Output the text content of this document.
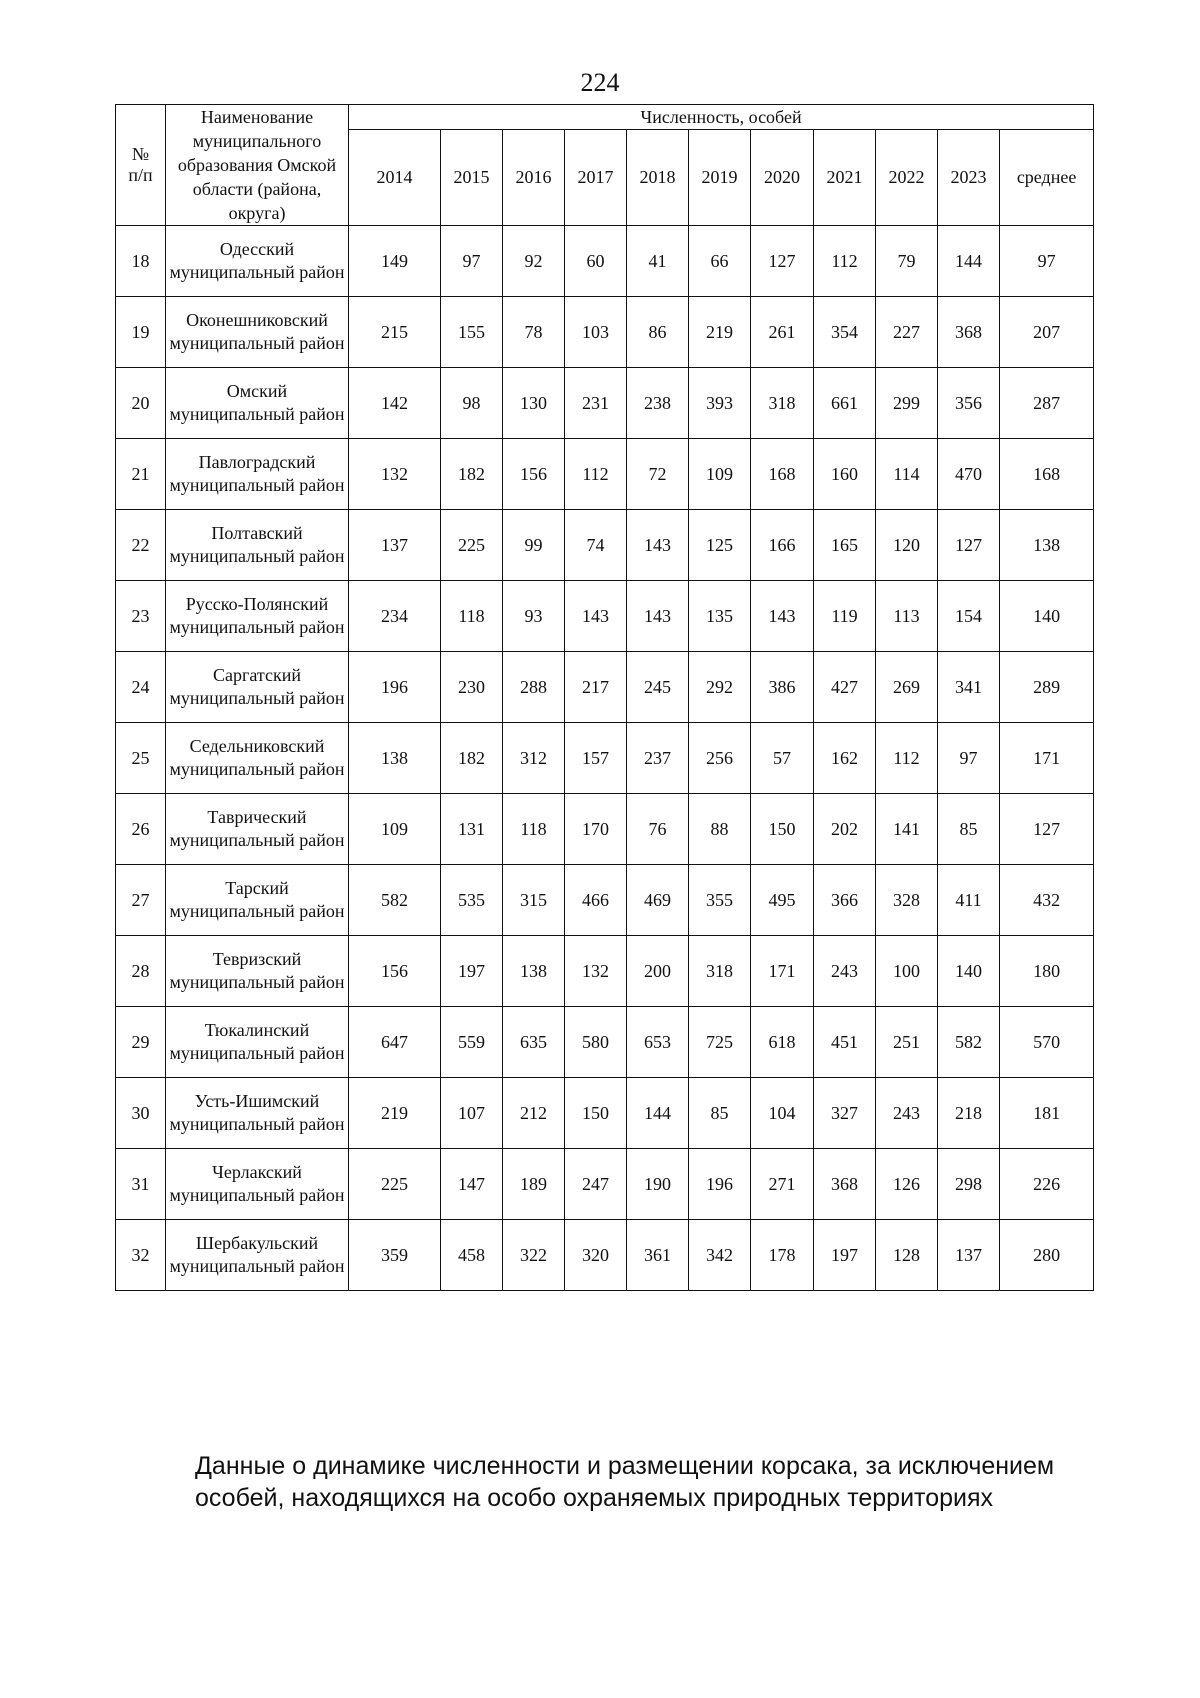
224
№ п/п	Наименование муниципального образования Омской области (района, округа)	Численность, особей										
		2014	2015	2016	2017	2018	2019	2020	2021	2022	2023	среднее
18	Одесский муниципальный район	149	97	92	60	41	66	127	112	79	144	97
19	Оконешниковский муниципальный район	215	155	78	103	86	219	261	354	227	368	207
20	Омский муниципальный район	142	98	130	231	238	393	318	661	299	356	287
21	Павлоградский муниципальный район	132	182	156	112	72	109	168	160	114	470	168
22	Полтавский муниципальный район	137	225	99	74	143	125	166	165	120	127	138
23	Русско-Полянский муниципальный район	234	118	93	143	143	135	143	119	113	154	140
24	Саргатский муниципальный район	196	230	288	217	245	292	386	427	269	341	289
25	Седельниковский муниципальный район	138	182	312	157	237	256	57	162	112	97	171
26	Таврический муниципальный район	109	131	118	170	76	88	150	202	141	85	127
27	Тарский муниципальный район	582	535	315	466	469	355	495	366	328	411	432
28	Тевризский муниципальный район	156	197	138	132	200	318	171	243	100	140	180
29	Тюкалинский муниципальный район	647	559	635	580	653	725	618	451	251	582	570
30	Усть-Ишимский муниципальный район	219	107	212	150	144	85	104	327	243	218	181
31	Черлакский муниципальный район	225	147	189	247	190	196	271	368	126	298	226
32	Шербакульский муниципальный район	359	458	322	320	361	342	178	197	128	137	280
Данные о динамике численности и размещении корсака, за исключением особей, находящихся на особо охраняемых природных территориях
